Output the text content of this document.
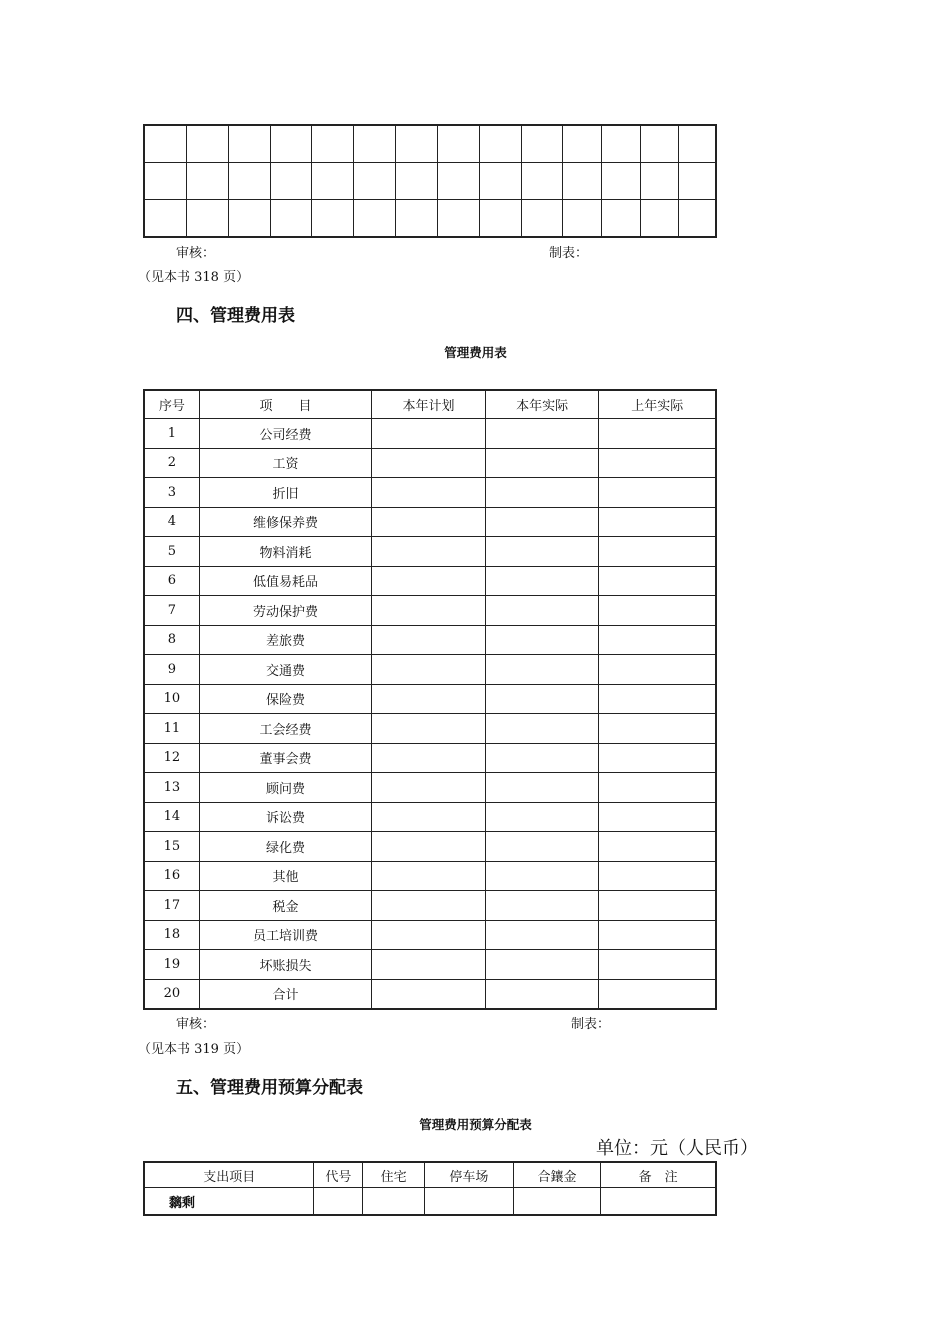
审核：	制表：
（见本书 318 页）
四、管理费用表
管理费用表
序号	项　　目	本年计划	本年实际	上年实际
1	公司经费			
2	工资			
3	折旧			
4	维修保养费			
5	物料消耗			
6	低值易耗品			
7	劳动保护费			
8	差旅费			
9	交通费			
10	保险费			
11	工会经费			
12	董事会费			
13	顾问费			
14	诉讼费			
15	绿化费			
16	其他			
17	税金			
18	员工培训费			
19	坏账损失			
20	合计			
审核：	制表：
（见本书 319 页）
五、管理费用预算分配表
管理费用预算分配表
单位：元（人民币）
支出项目	代号	住宅	停车场	合鑲金	备　注
黐剩					
